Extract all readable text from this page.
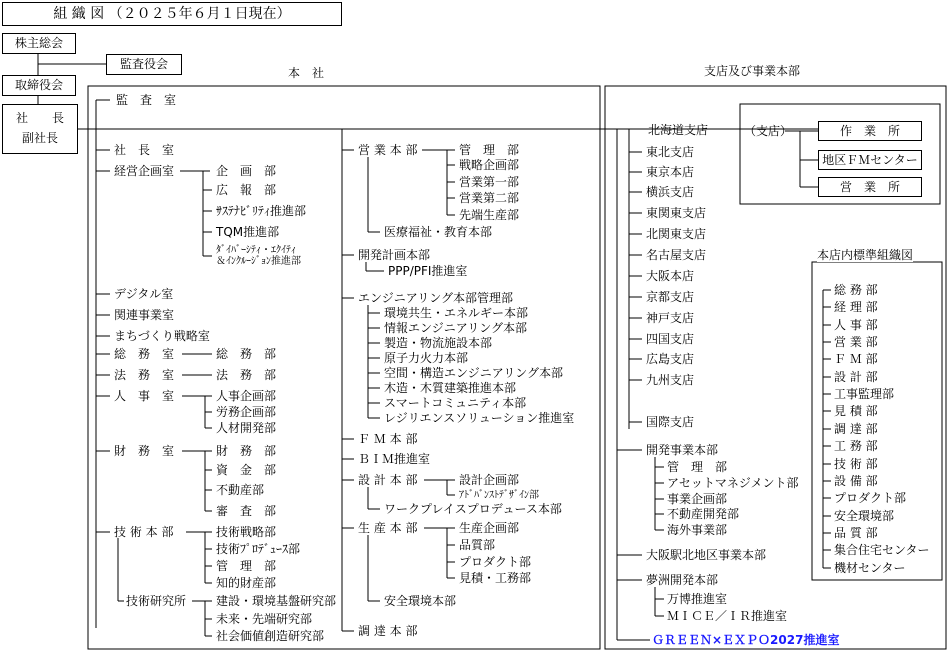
組 織 図 （２０２５年６月１日現在）
株主総会
監査役会
取締役会
社　　長
副社長
本　社	支店及び事業本部
監　査　室
社　長　室
経営企画室	企　画　部
広　報　部
ｻｽﾃﾅﾋﾞﾘﾃｨ推進部
TQM推進部
ﾀﾞｲﾊﾞｰｼﾃｨ・ｴｸｲﾃｨ
＆ｲﾝｸﾙｰｼﾞｮﾝ推進部
デジタル室
関連事業室
まちづくり戦略室
総　務　室	総　務　部
法　務　室	法　務　部
人　事　室	人事企画部
労務企画部
人材開発部
財　務　室	財　務　部
資　金　部
不動産部
審　査　部
技 術 本 部	技術戦略部
技術ﾌﾟﾛﾃﾞｭｰｽ部
管　理　部
知的財産部
技術研究所 建設・環境基盤研究部
未来・先端研究部
社会価値創造研究部
営 業 本 部	管　理　部
戦略企画部
営業第一部
営業第二部
先端生産部
医療福祉・教育本部
開発計画本部
PPP/PFI推進室
エンジニアリング本部管理部
環境共生・エネルギー本部
情報エンジニアリング本部
製造・物流施設本部
原子力火力本部
空間・構造エンジニアリング本部
木造・木質建築推進本部
スマートコミュニティ本部
レジリエンスソリューション推進室
Ｆ Ｍ 本 部
ＢＩＭ推進室
設 計 本 部	設計企画部
ｱﾄﾞﾊﾞﾝｽﾄﾃﾞｻﾞｲﾝ部
ワークプレイスプロデュース本部
生 産 本 部	生産企画部
品質部
プロダクト部
見積・工務部
安全環境本部
調 達 本 部
北海道支店
東北支店
東京本店
横浜支店
東関東支店
北関東支店
名古屋支店
大阪本店
京都支店
神戸支店
四国支店
広島支店
九州支店
国際支店
開発事業本部
管　理　部
アセットマネジメント部
事業企画部
不動産開発部
海外事業部
大阪駅北地区事業本部
夢洲開発本部
万博推進室
ＭＩＣＥ／ＩＲ推進室
ＧＲＥＥＮ×ＥＸＰＯ2027推進室
（支店）	作　業　所
地区ＦＭセンター
営　業　所
本店内標準組織図
総 務 部
経 理 部
人 事 部
営 業 部
Ｆ Ｍ 部
設 計 部
工事監理部
見 積 部
調 達 部
工 務 部
技 術 部
設 備 部
プロダクト部
安全環境部
品 質 部
集合住宅センター
機材センター
